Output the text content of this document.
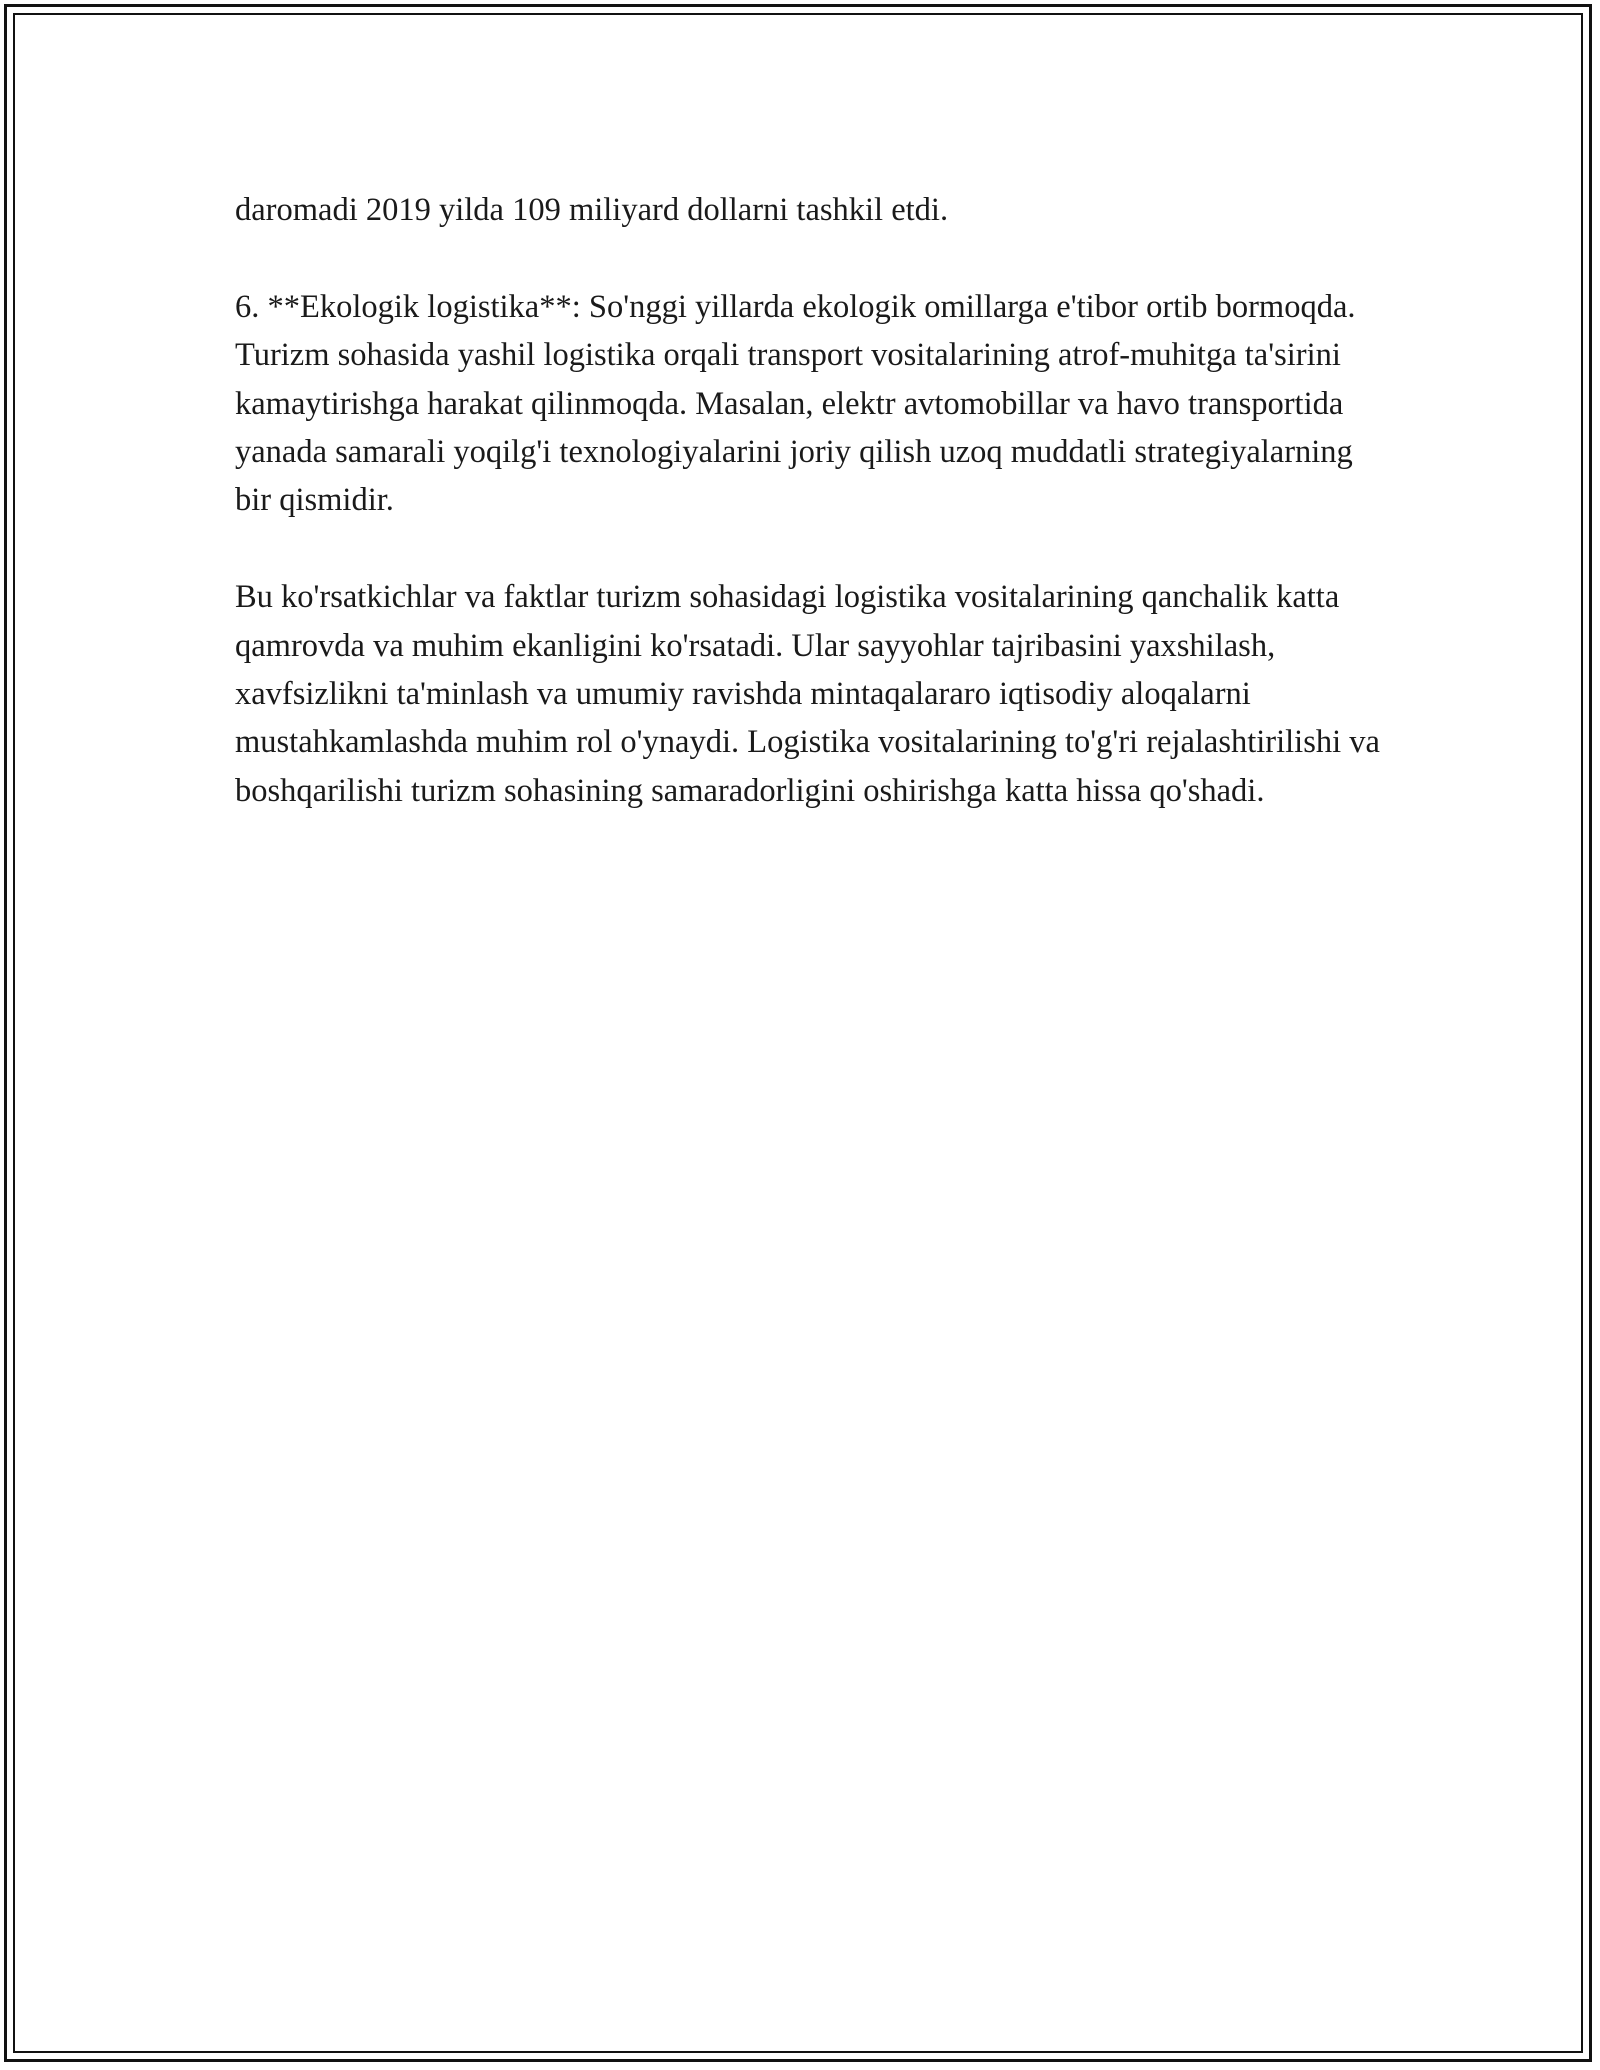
daromadi 2019 yilda 109 miliyard dollarni tashkil etdi.

6. **Ekologik logistika**: So'nggi yillarda ekologik omillarga e'tibor ortib bormoqda. Turizm sohasida yashil logistika orqali transport vositalarining atrof-muhitga ta'sirini kamaytirishga harakat qilinmoqda. Masalan, elektr avtomobillar va havo transportida yanada samarali yoqilg'i texnologiyalarini joriy qilish uzoq muddatli strategiyalarning bir qismidir.

Bu ko'rsatkichlar va faktlar turizm sohasidagi logistika vositalarining qanchalik katta qamrovda va muhim ekanligini ko'rsatadi. Ular sayyohlar tajribasini yaxshilash, xavfsizlikni ta'minlash va umumiy ravishda mintaqalararo iqtisodiy aloqalarni mustahkamlashda muhim rol o'ynaydi. Logistika vositalarining to'g'ri rejalashtirilishi va boshqarilishi turizm sohasining samaradorligini oshirishga katta hissa qo'shadi.
